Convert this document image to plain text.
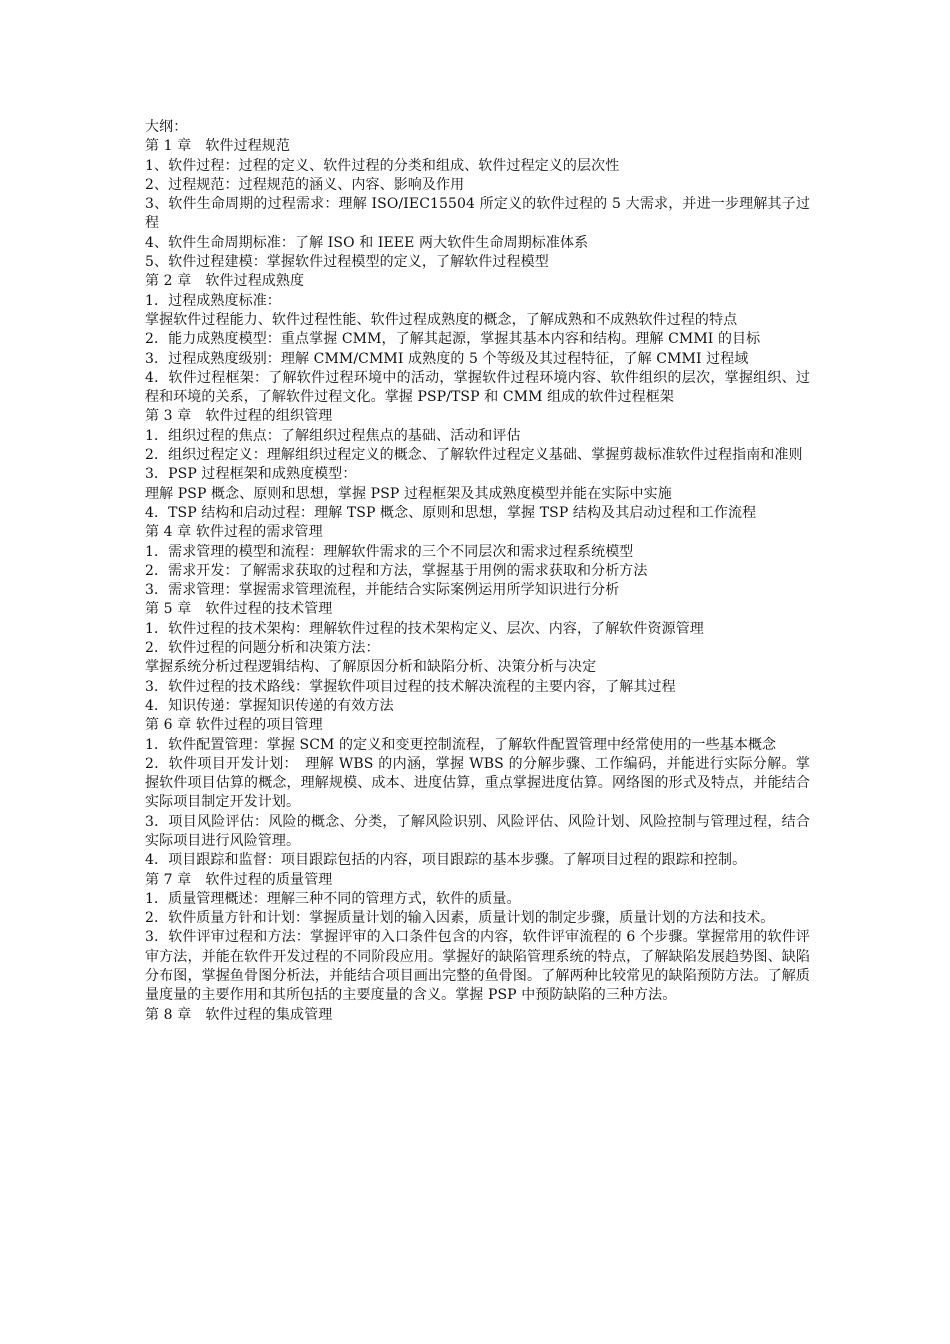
大纲：

第 1 章　软件过程规范

1、软件过程：过程的定义、软件过程的分类和组成、软件过程定义的层次性

2、过程规范：过程规范的涵义、内容、影响及作用

3、软件生命周期的过程需求：理解 ISO/IEC15504 所定义的软件过程的 5 大需求，并进一步理解其子过程

4、软件生命周期标准：了解 ISO 和 IEEE 两大软件生命周期标准体系

5、软件过程建模：掌握软件过程模型的定义，了解软件过程模型

第 2 章　软件过程成熟度

1．过程成熟度标准：

掌握软件过程能力、软件过程性能、软件过程成熟度的概念，了解成熟和不成熟软件过程的特点

2．能力成熟度模型：重点掌握 CMM，了解其起源，掌握其基本内容和结构。理解 CMMI 的目标

3．过程成熟度级别：理解 CMM/CMMI 成熟度的 5 个等级及其过程特征，了解 CMMI 过程域

4．软件过程框架：了解软件过程环境中的活动，掌握软件过程环境内容、软件组织的层次，掌握组织、过程和环境的关系，了解软件过程文化。掌握 PSP/TSP 和 CMM 组成的软件过程框架

第 3 章　软件过程的组织管理

1．组织过程的焦点：了解组织过程焦点的基础、活动和评估

2．组织过程定义：理解组织过程定义的概念、了解软件过程定义基础、掌握剪裁标准软件过程指南和准则

3．PSP 过程框架和成熟度模型：

理解 PSP 概念、原则和思想，掌握 PSP 过程框架及其成熟度模型并能在实际中实施

4．TSP 结构和启动过程：理解 TSP 概念、原则和思想，掌握 TSP 结构及其启动过程和工作流程

第 4 章 软件过程的需求管理

1．需求管理的模型和流程：理解软件需求的三个不同层次和需求过程系统模型

2．需求开发：了解需求获取的过程和方法，掌握基于用例的需求获取和分析方法

3．需求管理：掌握需求管理流程，并能结合实际案例运用所学知识进行分析

第 5 章　软件过程的技术管理

1．软件过程的技术架构：理解软件过程的技术架构定义、层次、内容，了解软件资源管理

2．软件过程的问题分析和决策方法：

掌握系统分析过程逻辑结构、了解原因分析和缺陷分析、决策分析与决定

3．软件过程的技术路线：掌握软件项目过程的技术解决流程的主要内容，了解其过程

4．知识传递：掌握知识传递的有效方法

第 6 章 软件过程的项目管理

1．软件配置管理：掌握 SCM 的定义和变更控制流程，了解软件配置管理中经常使用的一些基本概念

2．软件项目开发计划：　理解 WBS 的内涵，掌握 WBS 的分解步骤、工作编码，并能进行实际分解。掌握软件项目估算的概念，理解规模、成本、进度估算，重点掌握进度估算。网络图的形式及特点，并能结合实际项目制定开发计划。

3．项目风险评估：风险的概念、分类，了解风险识别、风险评估、风险计划、风险控制与管理过程，结合实际项目进行风险管理。

4．项目跟踪和监督：项目跟踪包括的内容，项目跟踪的基本步骤。了解项目过程的跟踪和控制。

第 7 章　软件过程的质量管理

1．质量管理概述：理解三种不同的管理方式，软件的质量。

2．软件质量方针和计划：掌握质量计划的输入因素，质量计划的制定步骤，质量计划的方法和技术。

3．软件评审过程和方法：掌握评审的入口条件包含的内容，软件评审流程的 6 个步骤。掌握常用的软件评审方法，并能在软件开发过程的不同阶段应用。掌握好的缺陷管理系统的特点，了解缺陷发展趋势图、缺陷分布图，掌握鱼骨图分析法，并能结合项目画出完整的鱼骨图。了解两种比较常见的缺陷预防方法。了解质量度量的主要作用和其所包括的主要度量的含义。掌握 PSP 中预防缺陷的三种方法。

第 8 章　软件过程的集成管理
